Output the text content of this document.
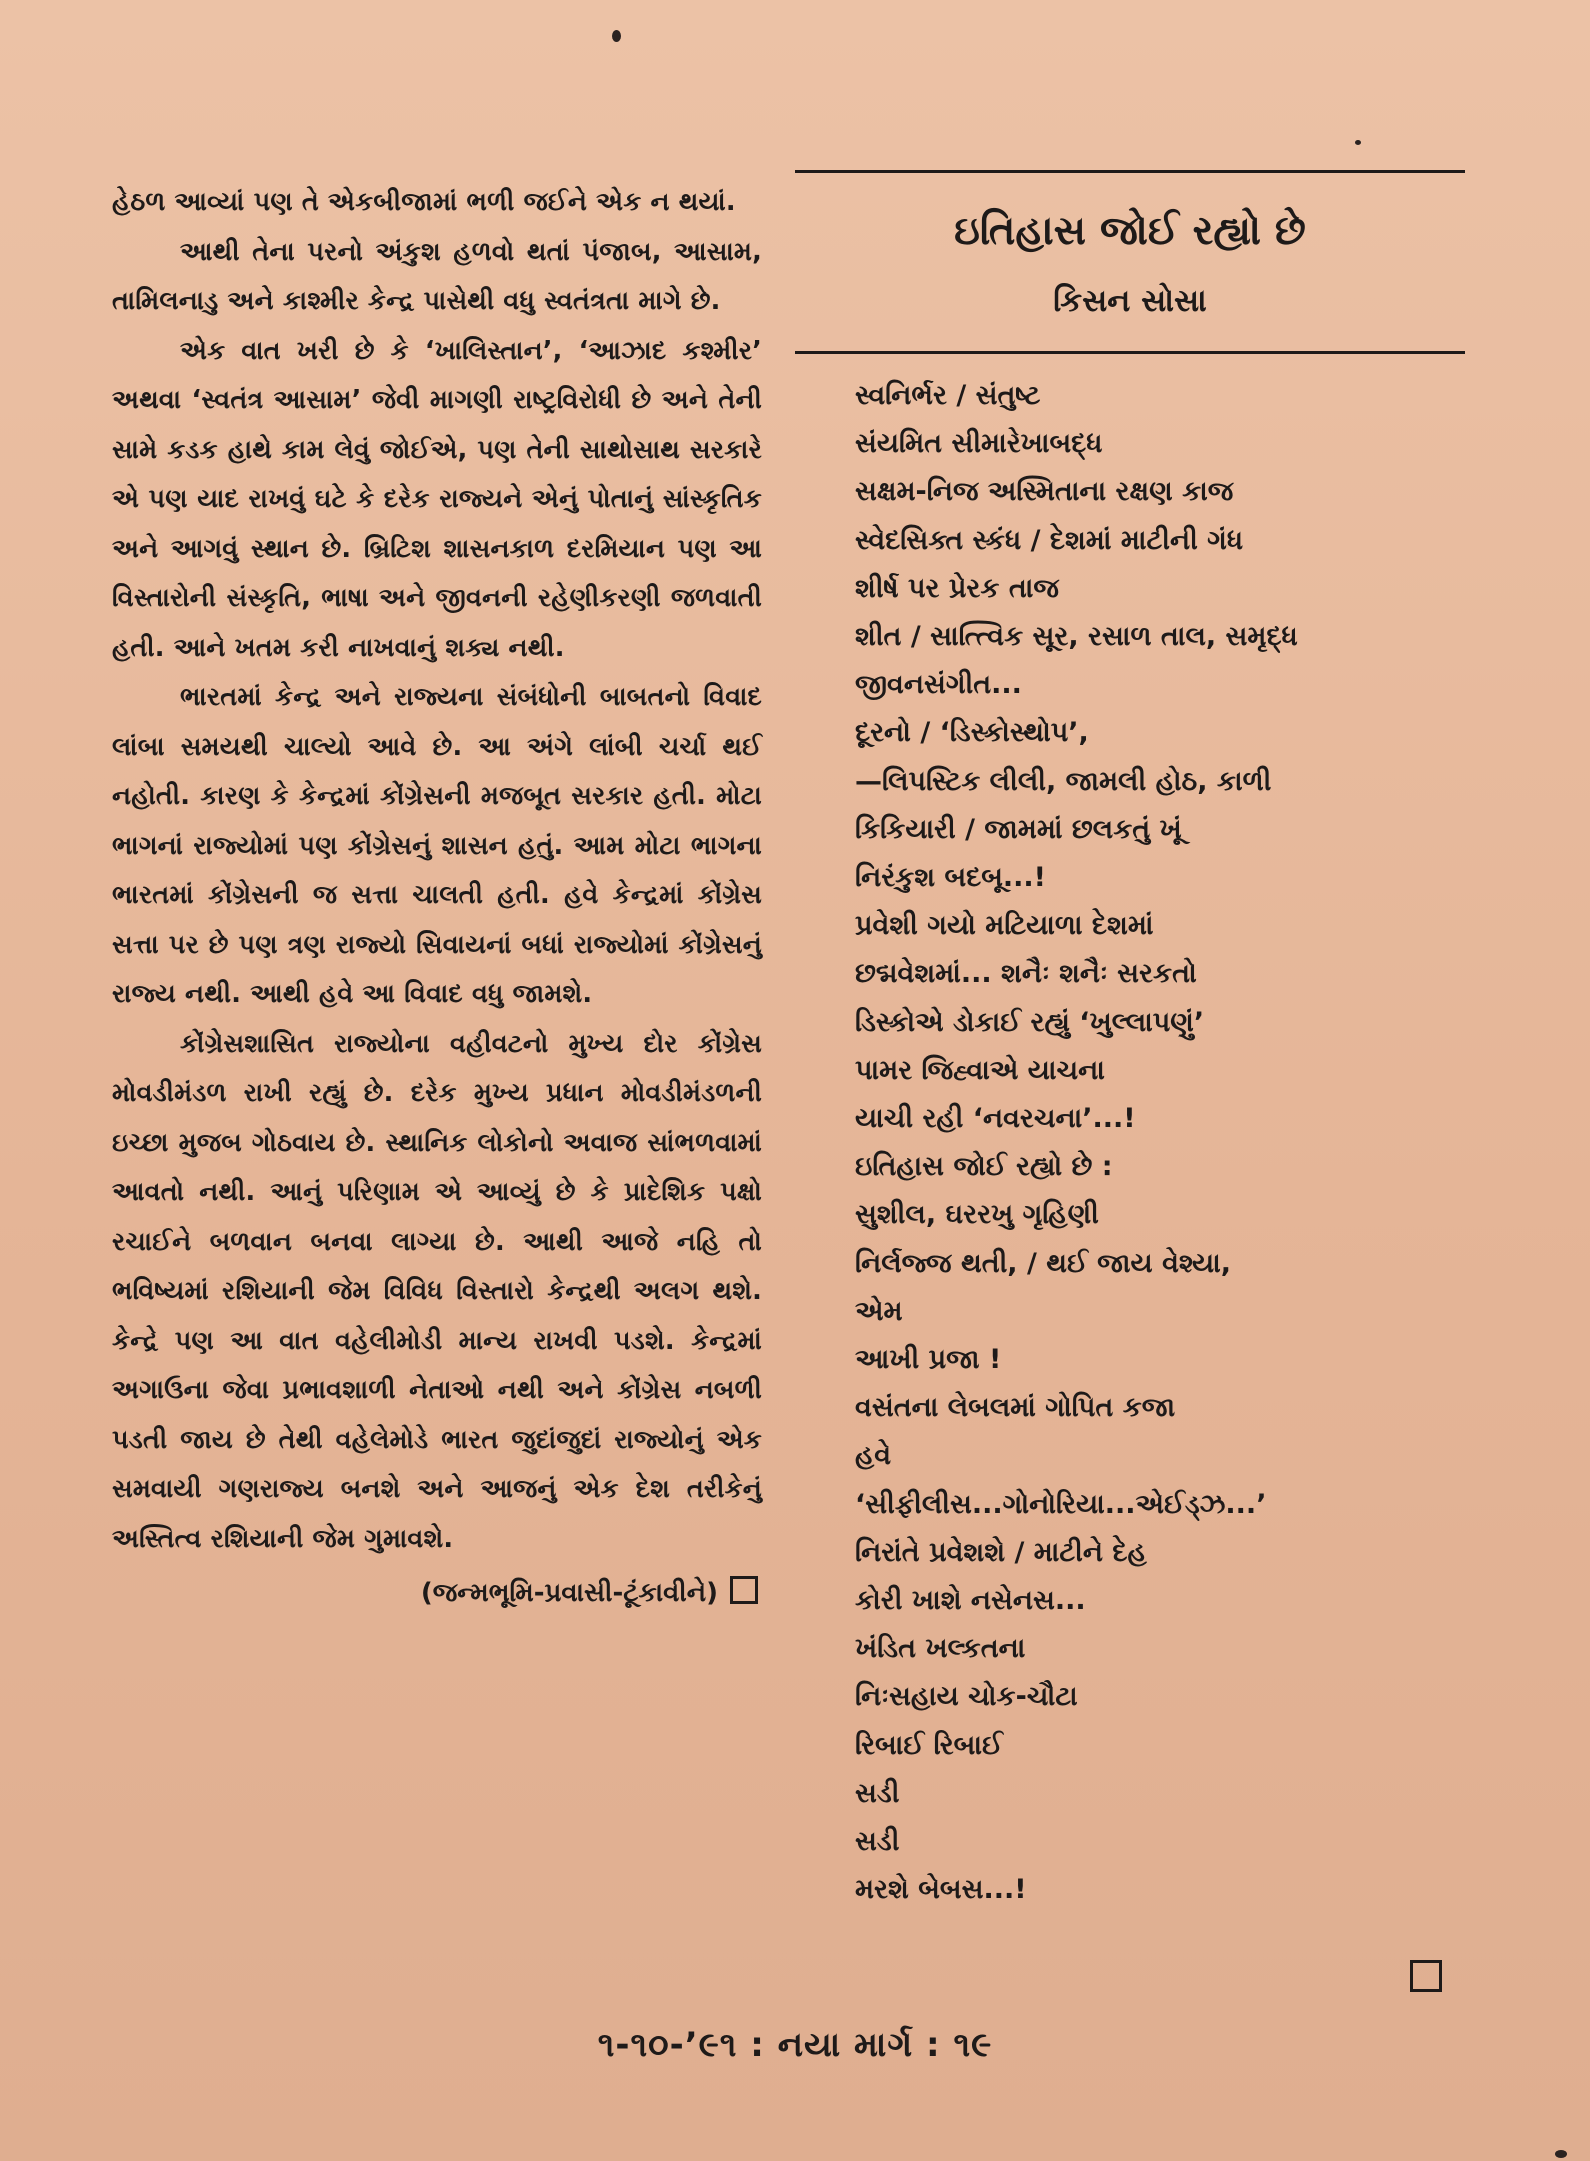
હેઠળ આવ્યાં પણ તે એકબીજામાં ભળી જઈને એક ન થયાં.

આથી તેના પરનો અંકુશ હળવો થતાં પંજાબ, આસામ, તામિલનાડુ અને કાશ્મીર કેન્દ્ર પાસેથી વધુ સ્વતંત્રતા માગે છે.

એક વાત ખરી છે કે ‘ખાલિસ્તાન’, ‘આઝાદ કશ્મીર’ અથવા ‘સ્વતંત્ર આસામ’ જેવી માગણી રાષ્ટ્રવિરોધી છે અને તેની સામે કડક હાથે કામ લેવું જોઈએ, પણ તેની સાથોસાથ સરકારે એ પણ યાદ રાખવું ઘટે કે દરેક રાજ્યને એનું પોતાનું સાંસ્કૃતિક અને આગવું સ્થાન છે. બ્રિટિશ શાસનકાળ દરમિયાન પણ આ વિસ્તારોની સંસ્કૃતિ, ભાષા અને જીવનની રહેણીકરણી જળવાતી હતી. આને ખતમ કરી નાખવાનું શક્ય નથી.

ભારતમાં કેન્દ્ર અને રાજ્યના સંબંધોની બાબતનો વિવાદ લાંબા સમયથી ચાલ્યો આવે છે. આ અંગે લાંબી ચર્ચા થઈ નહોતી. કારણ કે કેન્દ્રમાં કોંગ્રેસની મજબૂત સરકાર હતી. મોટા ભાગનાં રાજ્યોમાં પણ કોંગ્રેસનું શાસન હતું. આમ મોટા ભાગના ભારતમાં કોંગ્રેસની જ સત્તા ચાલતી હતી. હવે કેન્દ્રમાં કોંગ્રેસ સત્તા પર છે પણ ત્રણ રાજ્યો સિવાયનાં બધાં રાજ્યોમાં કોંગ્રેસનું રાજ્ય નથી. આથી હવે આ વિવાદ વધુ જામશે.

કોંગ્રેસશાસિત રાજ્યોના વહીવટનો મુખ્ય દોર કોંગ્રેસ મોવડીમંડળ રાખી રહ્યું છે. દરેક મુખ્ય પ્રધાન મોવડીમંડળની ઇચ્છા મુજબ ગોઠવાય છે. સ્થાનિક લોકોનો અવાજ સાંભળવામાં આવતો નથી. આનું પરિણામ એ આવ્યું છે કે પ્રાદેશિક પક્ષો રચાઈને બળવાન બનવા લાગ્યા છે. આથી આજે નહિ તો ભવિષ્યમાં રશિયાની જેમ વિવિધ વિસ્તારો કેન્દ્રથી અલગ થશે. કેન્દ્રે પણ આ વાત વહેલીમોડી માન્ય રાખવી પડશે. કેન્દ્રમાં અગાઉના જેવા પ્રભાવશાળી નેતાઓ નથી અને કોંગ્રેસ નબળી પડતી જાય છે તેથી વહેલેમોડે ભારત જુદાંજુદાં રાજ્યોનું એક સમવાયી ગણરાજ્ય બનશે અને આજનું એક દેશ તરીકેનું અસ્તિત્વ રશિયાની જેમ ગુમાવશે.

(જન્મભૂમિ-પ્રવાસી-ટૂંકાવીને)
ઇતિહાસ જોઈ રહ્યો છે
કિસન સોસા
સ્વનિર્ભર / સંતુષ્ટ
સંયમિત સીમારેખાબદ્ધ
સક્ષમ-નિજ અસ્મિતાના રક્ષણ કાજ
સ્વેદસિક્ત સ્કંધ / દેશમાં માટીની ગંધ
શીર્ષ પર પ્રેરક તાજ
શીત / સાત્ત્વિક સૂર, રસાળ તાલ, સમૃદ્ધ
જીવનસંગીત...
દૂરનો / ‘ડિસ્કોસ્થોપ’,
—લિપસ્ટિક લીલી, જામલી હોઠ, કાળી
કિકિયારી / જામમાં છલકતું ખૂં
નિરંકુશ બદબૂ...!
પ્રવેશી ગયો મટિયાળા દેશમાં
છદ્મવેશમાં... શનૈઃ શનૈઃ સરકતો
ડિસ્કોએ ડોકાઈ રહ્યું ‘ખુલ્લાપણું’
પામર જિહ્વાએ યાચના
યાચી રહી ‘નવરચના’...!
ઇતિહાસ જોઈ રહ્યો છે :
સુશીલ, ઘરરખુ ગૃહિણી
નિર્લજ્જ થતી, / થઈ જાય વેશ્યા,
એમ
આખી પ્રજા !
વસંતના લેબલમાં ગોપિત કજા
હવે
‘સીફીલીસ...ગોનોરિયા...એઈડ્ઝ...’
નિરાંતે પ્રવેશશે / માટીને દેહ
કોરી ખાશે નસેનસ...
ખંડિત ખલ્કતના
નિઃસહાય ચોક-ચૌટા
રિબાઈ રિબાઈ
સડી
સડી
મરશે બેબસ...!
૧-૧૦-’૯૧ : નયા માર્ગ : ૧૯
